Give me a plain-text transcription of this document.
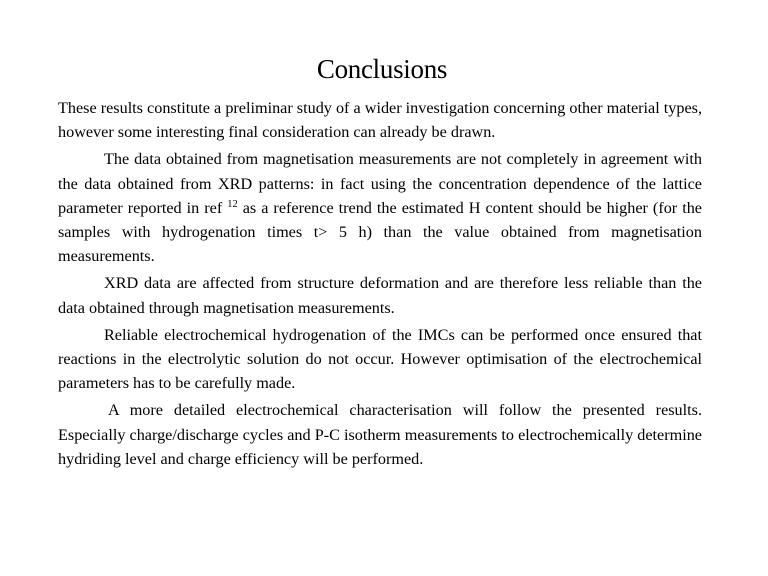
Conclusions

These results constitute a preliminar study of a wider investigation concerning other material types, however some interesting final consideration can already be drawn.

The data obtained from magnetisation measurements are not completely in agreement with the data obtained from XRD patterns: in fact using the concentration dependence of the lattice parameter reported in ref $^{12}$ as a reference trend the estimated H content should be higher (for the samples with hydrogenation times t> 5 h) than the value obtained from magnetisation measurements.

XRD data are affected from structure deformation and are therefore less reliable than the data obtained through magnetisation measurements.

Reliable electrochemical hydrogenation of the IMCs can be performed once ensured that reactions in the electrolytic solution do not occur. However optimisation of the electrochemical parameters has to be carefully made.

A more detailed electrochemical characterisation will follow the presented results. Especially charge/discharge cycles and P-C isotherm measurements to electrochemically determine hydriding level and charge efficiency will be performed.
